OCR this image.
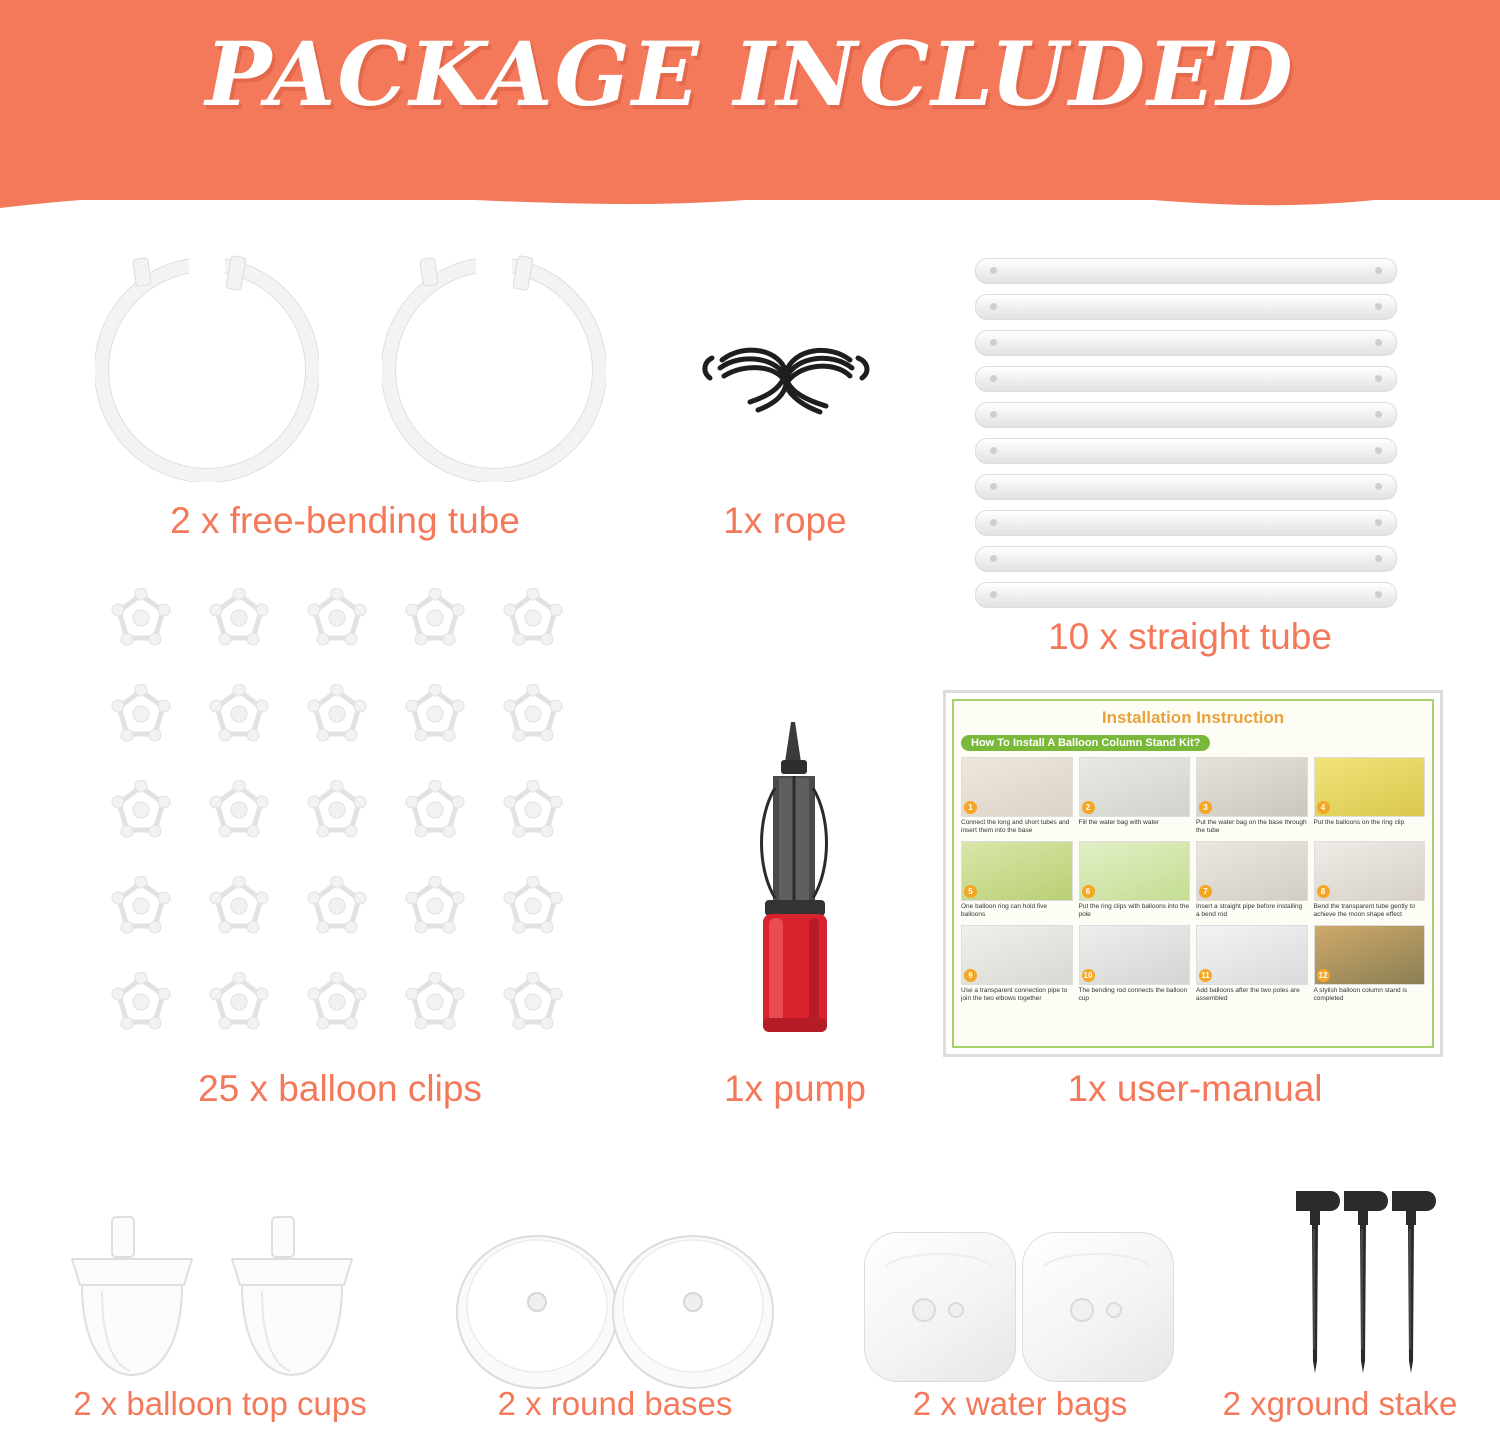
PACKAGE INCLUDED
2 x free-bending tube	1x rope
10 x straight tube
25 x balloon clips	1x pump
Installation Instruction
How To Install A Balloon Column Stand Kit?
1
Connect the long and short tubes and insert them into the base
2
Fill the water bag with water
3
Put the water bag on the base through the tube
4
Put the balloons on the ring clip
5
One balloon ring can hold five balloons
6
Put the ring clips with balloons into the pole
7
Insert a straight pipe before installing a bend rod
8
Bend the transparent tube gently to achieve the moon shape effect
9
Use a transparent connection pipe to join the two elbows together
10
The bending rod connects the balloon cup
11
Add balloons after the two poles are assembled
12
A stylish balloon column stand is completed
1x user-manual
2 x balloon top cups	2 x round bases	2 x water bags	2 xground stake
